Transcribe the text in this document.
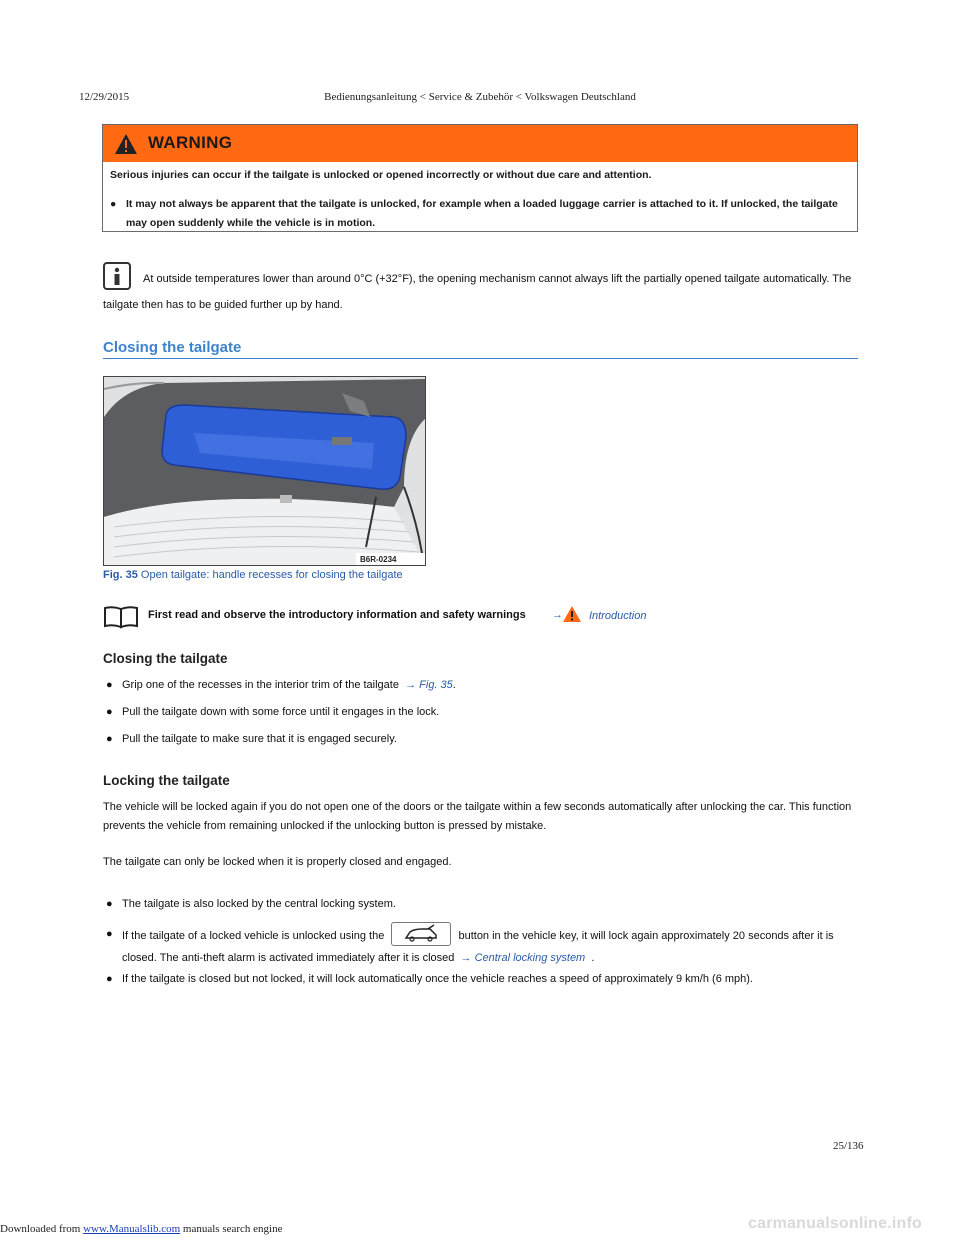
12/29/2015	Bedienungsanleitung < Service & Zubehör < Volkswagen Deutschland
WARNING
Serious injuries can occur if the tailgate is unlocked or opened incorrectly or without due care and attention.
● It may not always be apparent that the tailgate is unlocked, for example when a loaded luggage carrier is attached to it. If unlocked, the tailgate may open suddenly while the vehicle is in motion.
At outside temperatures lower than around 0°C (+32°F), the opening mechanism cannot always lift the partially opened tailgate automatically. The tailgate then has to be guided further up by hand.
Closing the tailgate
B6R-0234
Fig. 35 Open tailgate: handle recesses for closing the tailgate
First read and observe the introductory information and safety warnings → Introduction
Closing the tailgate
● Grip one of the recesses in the interior trim of the tailgate → Fig. 35.
● Pull the tailgate down with some force until it engages in the lock.
● Pull the tailgate to make sure that it is engaged securely.
Locking the tailgate
The vehicle will be locked again if you do not open one of the doors or the tailgate within a few seconds automatically after unlocking the car. This function prevents the vehicle from remaining unlocked if the unlocking button is pressed by mistake.
The tailgate can only be locked when it is properly closed and engaged.
● The tailgate is also locked by the central locking system.
● If the tailgate of a locked vehicle is unlocked using the	button in the vehicle key, it will lock again approximately 20 seconds after it is closed. The anti-theft alarm is activated immediately after it is closed → Central locking system .
● If the tailgate is closed but not locked, it will lock automatically once the vehicle reaches a speed of approximately 9 km/h (6 mph).
25/136
Downloaded from www.Manualslib.com manuals search engine	carmanualsonline.info
